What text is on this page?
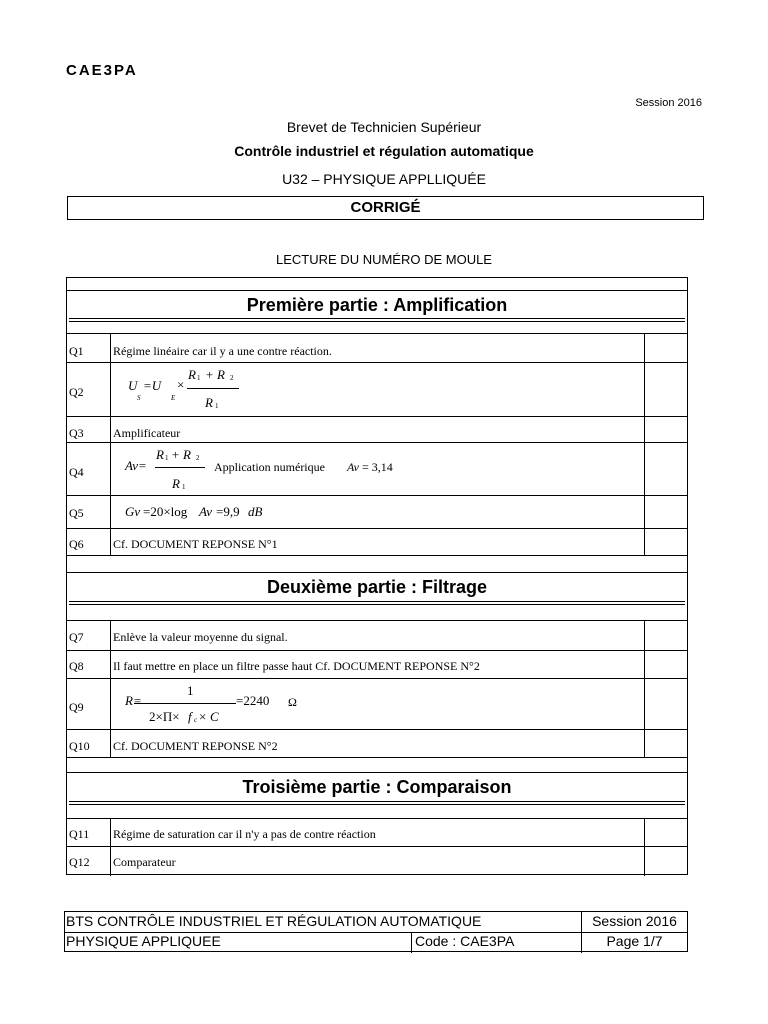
CAE3PA
Session 2016
Brevet de Technicien Supérieur
Contrôle industriel et régulation automatique
U32 – PHYSIQUE APPLLIQUÉE
CORRIGÉ
LECTURE DU NUMÉRO DE MOULE
Première partie : Amplification
Q1 Régime linéaire car il y a une contre réaction.
Q2	U
S
=U
E
×
R 1 + R 2
R 1
Q3 Amplificateur
Q4	Av=
R 1 + R 2
R 1
Application numérique Av = 3,14
Q5	Gv =20×log Av =9,9 dB
Q6 Cf. DOCUMENT REPONSE N°1
Deuxième partie : Filtrage
Q7 Enlève la valeur moyenne du signal.
Q8 Il faut mettre en place un filtre passe haut Cf. DOCUMENT REPONSE N°2
Q9	R=
1
2×Π× f c × C
=2240 Ω
Q10 Cf. DOCUMENT REPONSE N°2
Troisième partie : Comparaison
Q11 Régime de saturation car il n'y a pas de contre réaction
Q12 Comparateur
BTS CONTRÔLE INDUSTRIEL ET RÉGULATION AUTOMATIQUE	Session 2016
PHYSIQUE APPLIQUEE	Code : CAE3PA	Page 1/7
